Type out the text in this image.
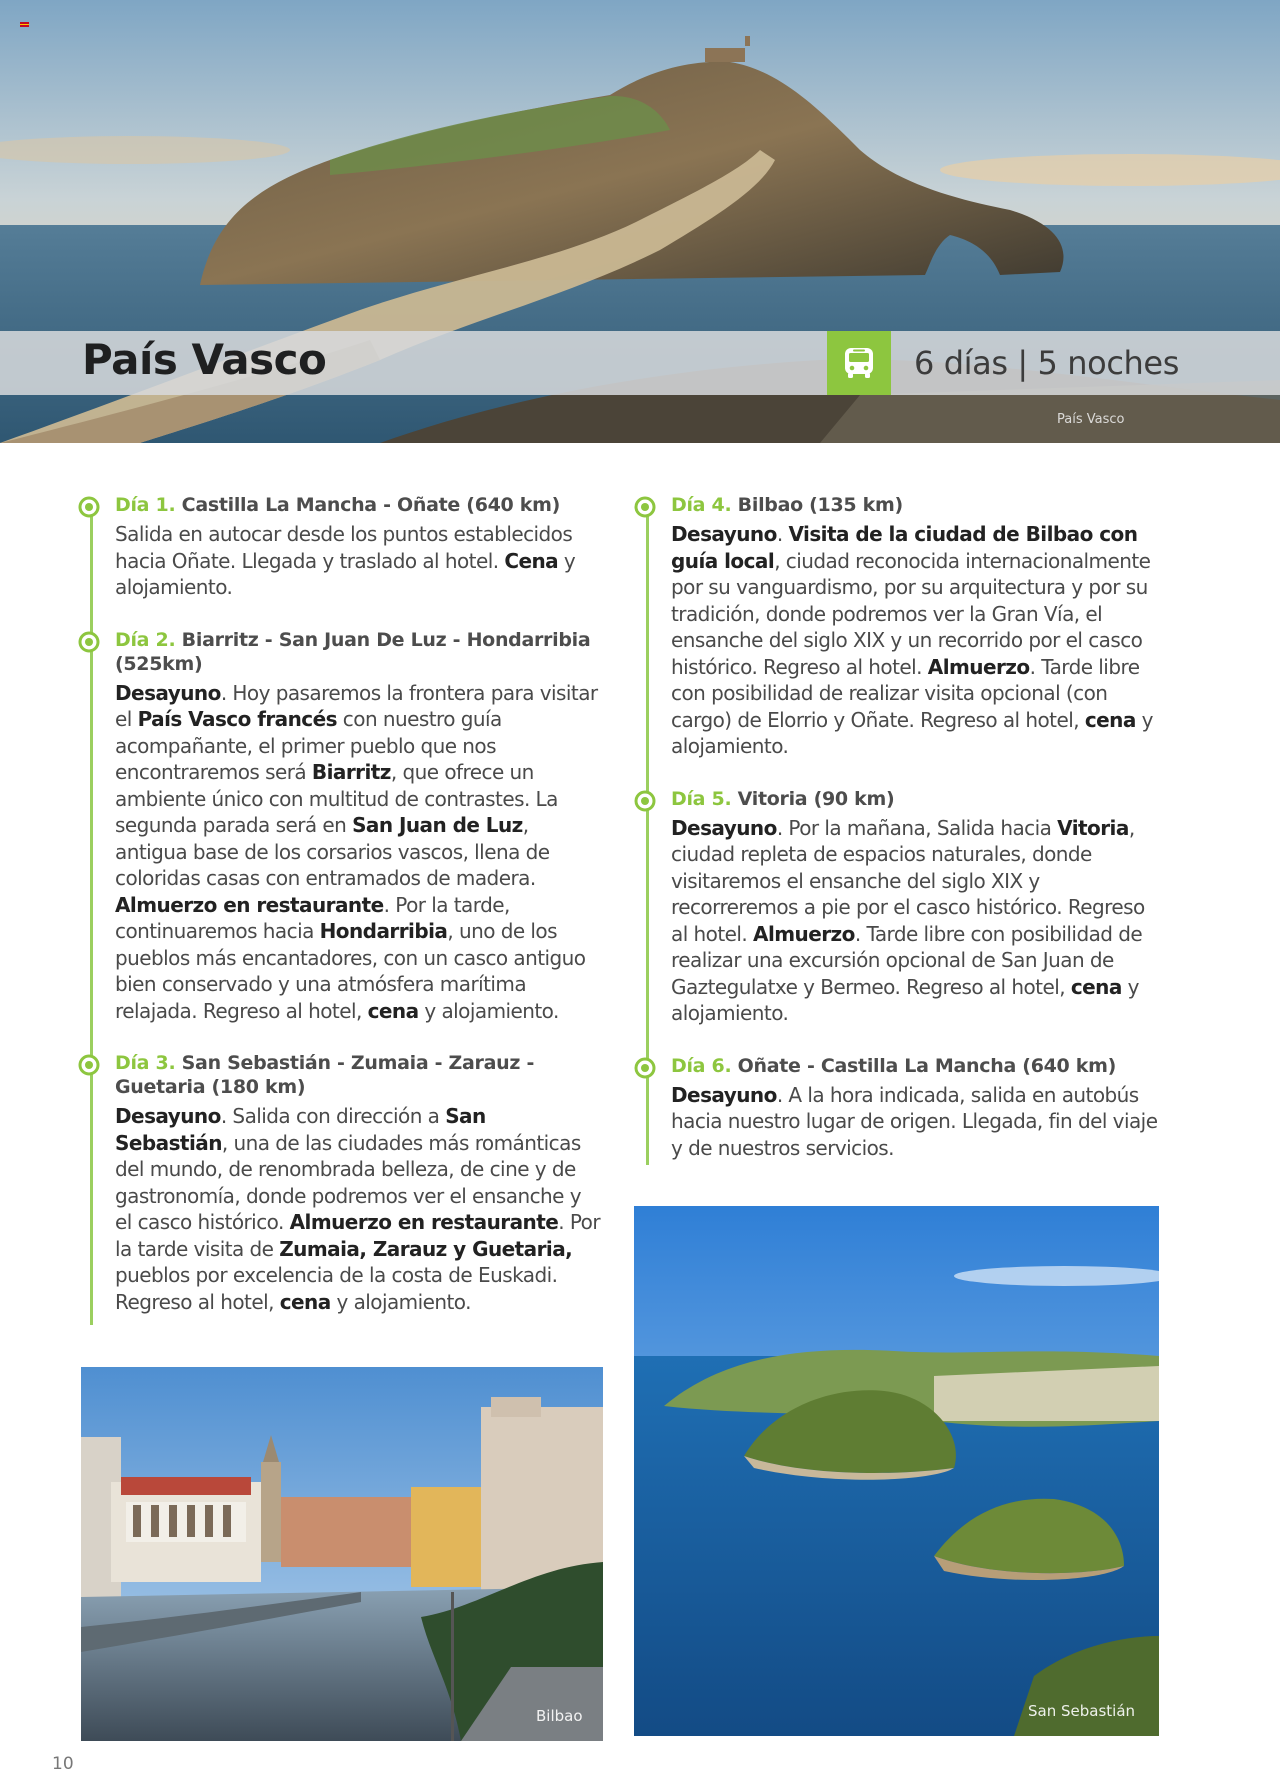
País Vasco	6 días | 5 noches
País Vasco
Día 1. Castilla La Mancha - Oñate (640 km)
Salida en autocar desde los puntos establecidos hacia Oñate. Llegada y traslado al hotel. Cena y alojamiento.
Día 2. Biarritz - San Juan De Luz - Hondarribia (525km)
Desayuno. Hoy pasaremos la frontera para visitar el País Vasco francés con nuestro guía acompañante, el primer pueblo que nos encontraremos será Biarritz, que ofrece un ambiente único con multitud de contrastes. La segunda parada será en San Juan de Luz, antigua base de los corsarios vascos, llena de coloridas casas con entramados de madera. Almuerzo en restaurante. Por la tarde, continuaremos hacia Hondarribia, uno de los pueblos más encantadores, con un casco antiguo bien conservado y una atmósfera marítima relajada. Regreso al hotel, cena y alojamiento.
Día 3. San Sebastián - Zumaia - Zarauz - Guetaria (180 km)
Desayuno. Salida con dirección a San Sebastián, una de las ciudades más románticas del mundo, de renombrada belleza, de cine y de gastronomía, donde podremos ver el ensanche y el casco histórico. Almuerzo en restaurante. Por la tarde visita de Zumaia, Zarauz y Guetaria, pueblos por excelencia de la costa de Euskadi. Regreso al hotel, cena y alojamiento.
Día 4. Bilbao (135 km)
Desayuno. Visita de la ciudad de Bilbao con guía local, ciudad reconocida internacionalmente por su vanguardismo, por su arquitectura y por su tradición, donde podremos ver la Gran Vía, el ensanche del siglo XIX y un recorrido por el casco histórico. Regreso al hotel. Almuerzo. Tarde libre con posibilidad de realizar visita opcional (con cargo) de Elorrio y Oñate. Regreso al hotel, cena y alojamiento.
Día 5. Vitoria (90 km)
Desayuno. Por la mañana, Salida hacia Vitoria, ciudad repleta de espacios naturales, donde visitaremos el ensanche del siglo XIX y recorreremos a pie por el casco histórico. Regreso al hotel. Almuerzo. Tarde libre con posibilidad de realizar una excursión opcional de San Juan de Gaztegulatxe y Bermeo. Regreso al hotel, cena y alojamiento.
Día 6. Oñate - Castilla La Mancha (640 km)
Desayuno. A la hora indicada, salida en autobús hacia nuestro lugar de origen. Llegada, fin del viaje y de nuestros servicios.
Bilbao	San Sebastián
10
